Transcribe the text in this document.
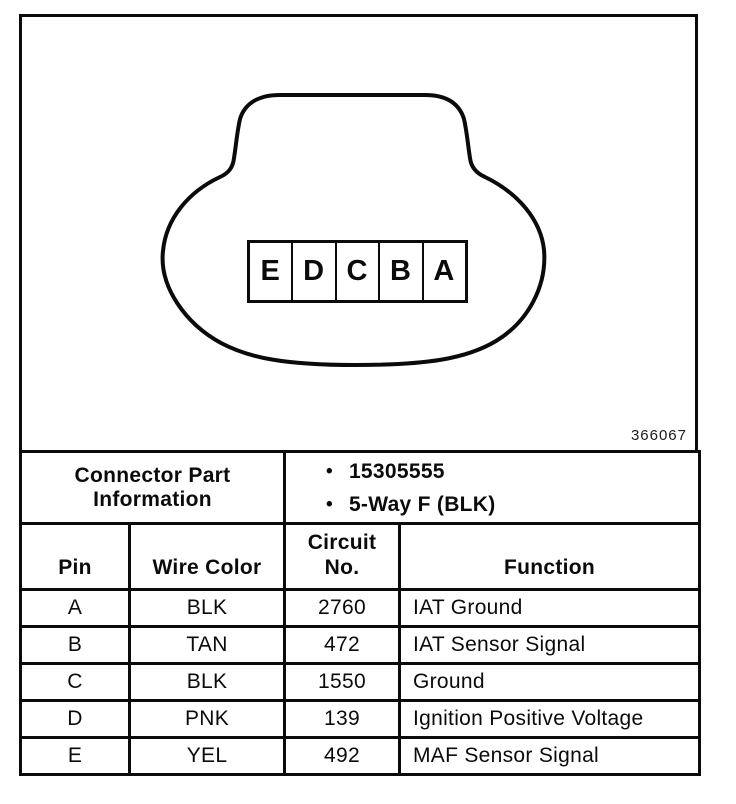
E D C B A
366067
Connector Part Information		• 15305555
• 5-Way F (BLK)	

Pin	Wire Color	Circuit No.	Function
A	BLK	2760	IAT Ground
B	TAN	472	IAT Sensor Signal
C	BLK	1550	Ground
D	PNK	139	Ignition Positive Voltage
E	YEL	492	MAF Sensor Signal
